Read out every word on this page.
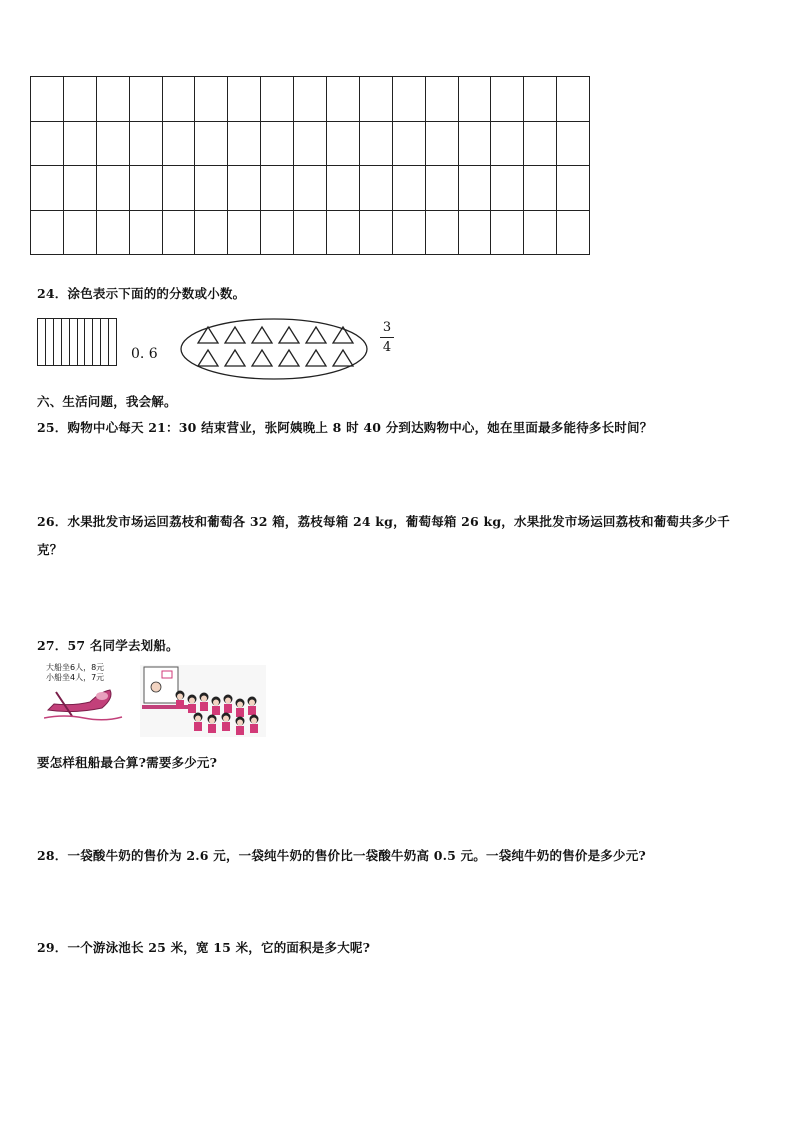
24．涂色表示下面的的分数或小数。
0. 6
3
4
六、生活问题，我会解。
25．购物中心每天 21：30 结束营业，张阿姨晚上 8 时 40 分到达购物中心，她在里面最多能待多长时间？
26．水果批发市场运回荔枝和葡萄各 32 箱，荔枝每箱 24 kg，葡萄每箱 26 kg，水果批发市场运回荔枝和葡萄共多少千
克？
27．57 名同学去划船。
大船坐6人，8元
小船坐4人，7元
要怎样租船最合算?需要多少元?
28．一袋酸牛奶的售价为 2.6 元，一袋纯牛奶的售价比一袋酸牛奶高 0.5 元。一袋纯牛奶的售价是多少元?
29．一个游泳池长 25 米，宽 15 米，它的面积是多大呢?
